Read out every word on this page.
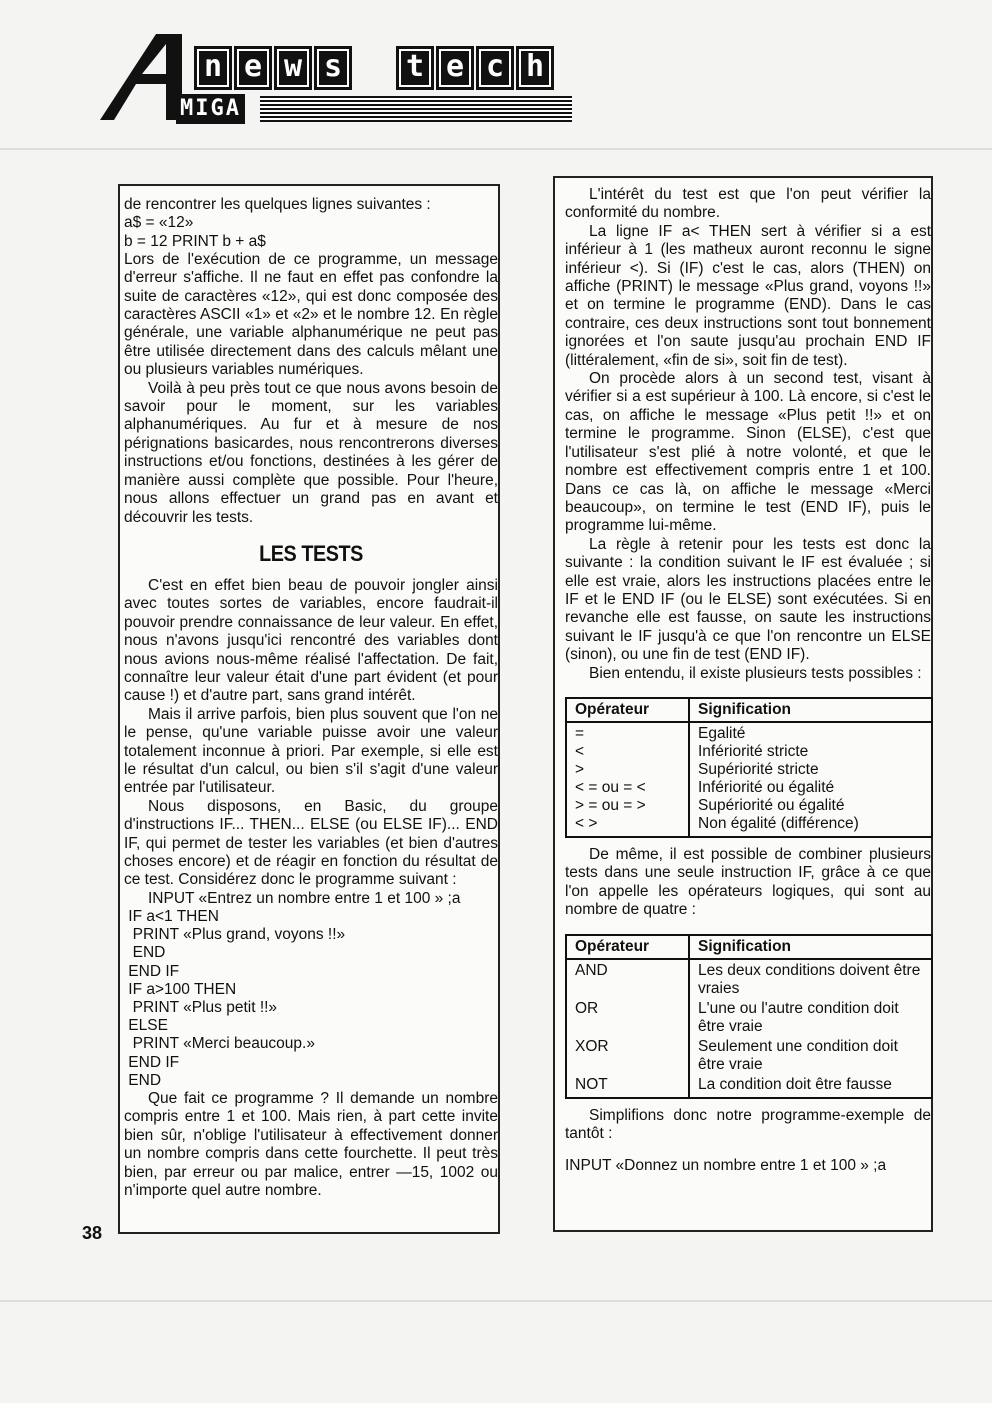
n e w s t e c h
MIGA

de rencontrer les quelques lignes suivantes :

a$ = «12»

b = 12 PRINT b + a$

Lors de l'exécution de ce programme, un message d'erreur s'affiche. Il ne faut en effet pas confondre la suite de caractères «12», qui est donc composée des caractères ASCII «1» et «2» et le nombre 12. En règle générale, une variable alphanumérique ne peut pas être utilisée directement dans des calculs mêlant une ou plusieurs variables numériques.

Voilà à peu près tout ce que nous avons besoin de savoir pour le moment, sur les variables alphanumériques. Au fur et à mesure de nos pérignations basicardes, nous rencontrerons diverses instructions et/ou fonctions, destinées à les gérer de manière aussi complète que possible. Pour l'heure, nous allons effectuer un grand pas en avant et découvrir les tests.

LES TESTS

C'est en effet bien beau de pouvoir jongler ainsi avec toutes sortes de variables, encore faudrait-il pouvoir prendre connaissance de leur valeur. En effet, nous n'avons jusqu'ici rencontré des variables dont nous avions nous-même réalisé l'affectation. De fait, connaître leur valeur était d'une part évident (et pour cause !) et d'autre part, sans grand intérêt.

Mais il arrive parfois, bien plus souvent que l'on ne le pense, qu'une variable puisse avoir une valeur totalement inconnue à priori. Par exemple, si elle est le résultat d'un calcul, ou bien s'il s'agit d'une valeur entrée par l'utilisateur.

Nous disposons, en Basic, du groupe d'instructions IF... THEN... ELSE (ou ELSE IF)... END IF, qui permet de tester les variables (et bien d'autres choses encore) et de réagir en fonction du résultat de ce test. Considérez donc le programme suivant :

INPUT «Entrez un nombre entre 1 et 100 » ;a

IF a<1 THEN

PRINT «Plus grand, voyons !!»

END

END IF

IF a>100 THEN

PRINT «Plus petit !!»

ELSE

PRINT «Merci beaucoup.»

END IF

END

Que fait ce programme ? Il demande un nombre compris entre 1 et 100. Mais rien, à part cette invite bien sûr, n'oblige l'utilisateur à effectivement donner un nombre compris dans cette fourchette. Il peut très bien, par erreur ou par malice, entrer —15, 1002 ou n'importe quel autre nombre.

L'intérêt du test est que l'on peut vérifier la conformité du nombre.

La ligne IF a< THEN sert à vérifier si a est inférieur à 1 (les matheux auront reconnu le signe inférieur <). Si (IF) c'est le cas, alors (THEN) on affiche (PRINT) le message «Plus grand, voyons !!» et on termine le programme (END). Dans le cas contraire, ces deux instructions sont tout bonnement ignorées et l'on saute jusqu'au prochain END IF (littéralement, «fin de si», soit fin de test).

On procède alors à un second test, visant à vérifier si a est supérieur à 100. Là encore, si c'est le cas, on affiche le message «Plus petit !!» et on termine le programme. Sinon (ELSE), c'est que l'utilisateur s'est plié à notre volonté, et que le nombre est effectivement compris entre 1 et 100. Dans ce cas là, on affiche le message «Merci beaucoup», on termine le test (END IF), puis le programme lui-même.

La règle à retenir pour les tests est donc la suivante : la condition suivant le IF est évaluée ; si elle est vraie, alors les instructions placées entre le IF et le END IF (ou le ELSE) sont exécutées. Si en revanche elle est fausse, on saute les instructions suivant le IF jusqu'à ce que l'on rencontre un ELSE (sinon), ou une fin de test (END IF).

Bien entendu, il existe plusieurs tests possibles :

Opérateur	Signification
=	Egalité
<	Infériorité stricte
>	Supériorité stricte
< = ou = <	Infériorité ou égalité
> = ou = >	Supériorité ou égalité
< >	Non égalité (différence)

De même, il est possible de combiner plusieurs tests dans une seule instruction IF, grâce à ce que l'on appelle les opérateurs logiques, qui sont au nombre de quatre :

Opérateur	Signification
AND	Les deux conditions doivent être vraies
OR	L'une ou l'autre condition doit être vraie
XOR	Seulement une condition doit être vraie
NOT	La condition doit être fausse

Simplifions donc notre programme-exemple de tantôt :

INPUT «Donnez un nombre entre 1 et 100 » ;a

38
